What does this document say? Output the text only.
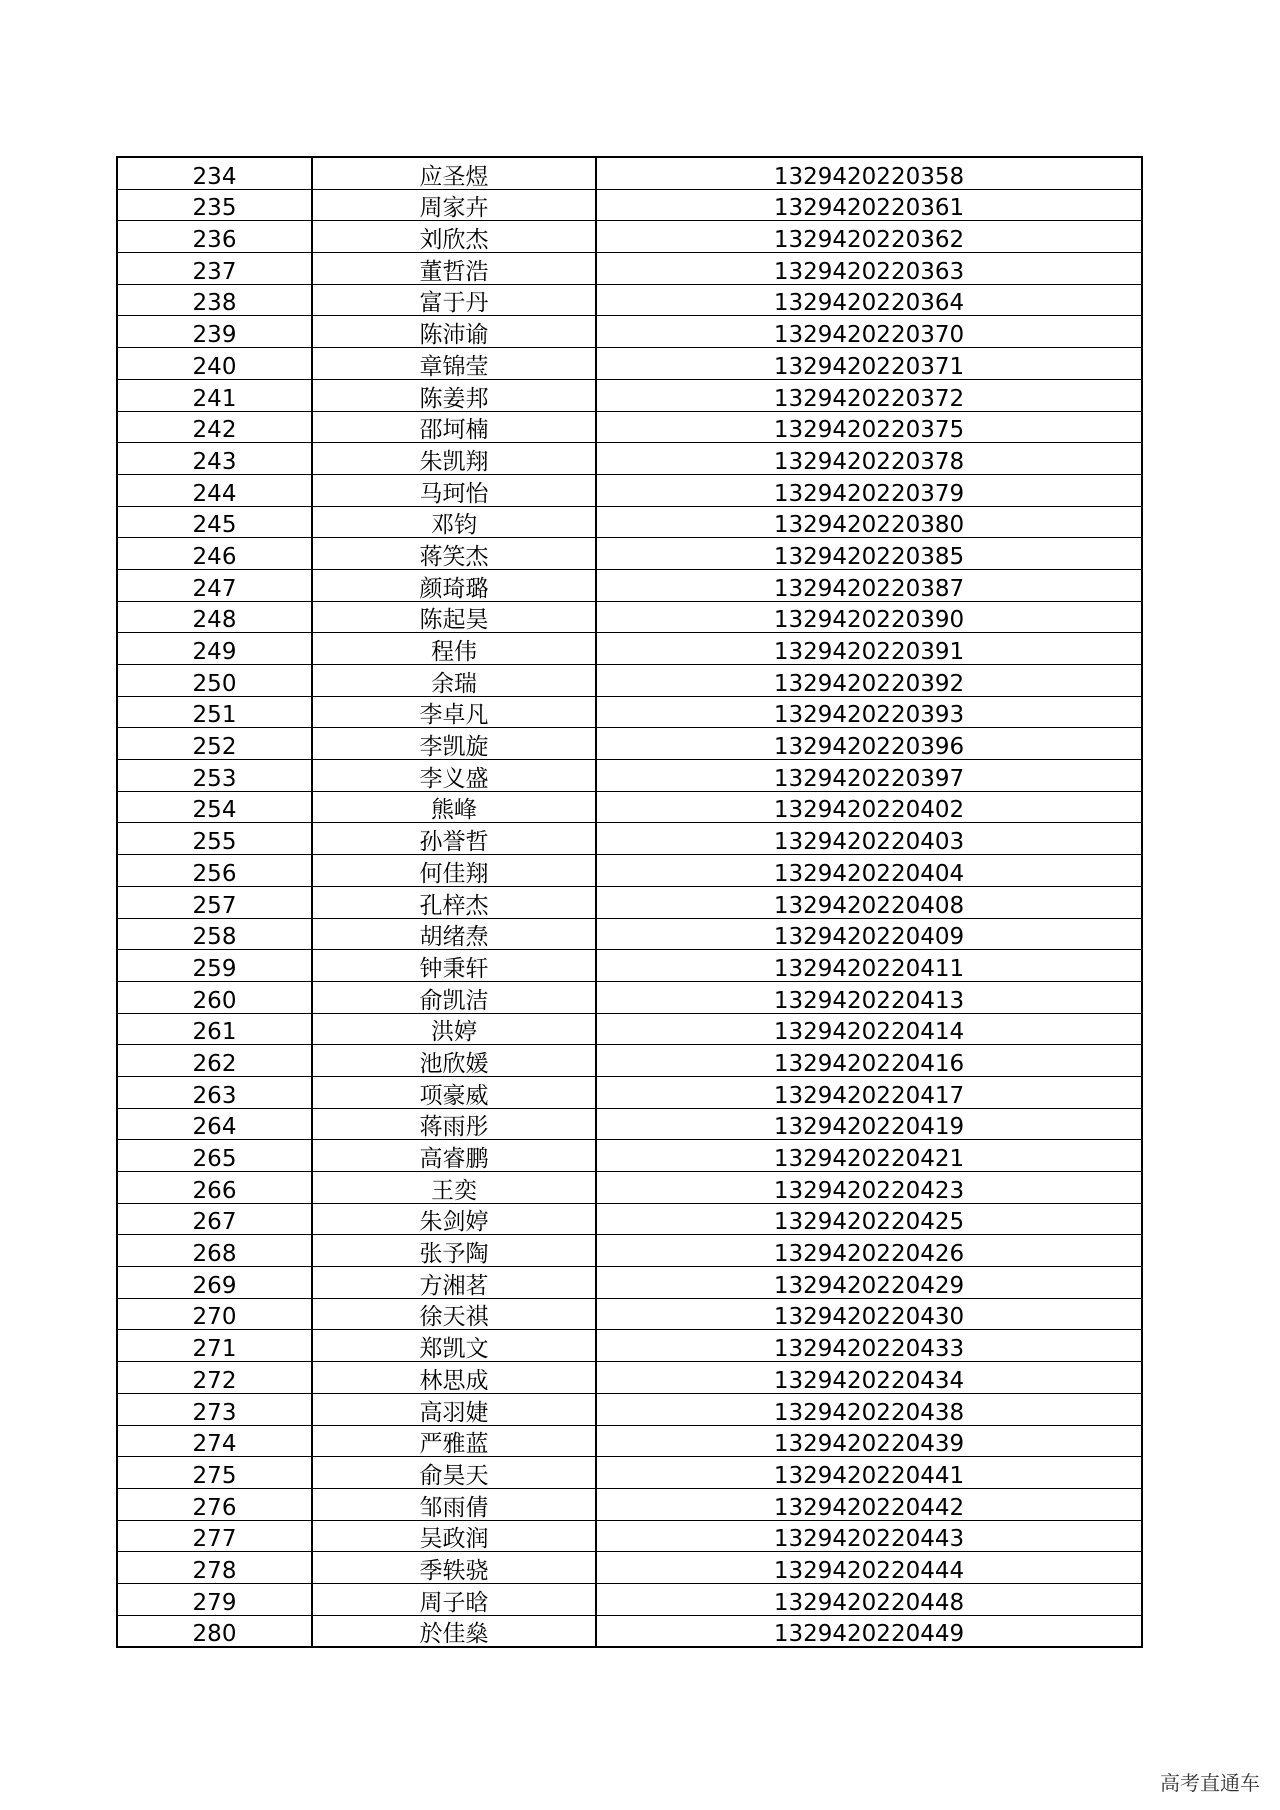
234	应圣煜	1329420220358
235	周家卉	1329420220361
236	刘欣杰	1329420220362
237	董哲浩	1329420220363
238	富于丹	1329420220364
239	陈沛谕	1329420220370
240	章锦莹	1329420220371
241	陈姜邦	1329420220372
242	邵坷楠	1329420220375
243	朱凯翔	1329420220378
244	马珂怡	1329420220379
245	邓钧	1329420220380
246	蒋笑杰	1329420220385
247	颜琦璐	1329420220387
248	陈起昊	1329420220390
249	程伟	1329420220391
250	余瑞	1329420220392
251	李卓凡	1329420220393
252	李凯旋	1329420220396
253	李义盛	1329420220397
254	熊峰	1329420220402
255	孙誉哲	1329420220403
256	何佳翔	1329420220404
257	孔梓杰	1329420220408
258	胡绪焘	1329420220409
259	钟秉轩	1329420220411
260	俞凯洁	1329420220413
261	洪婷	1329420220414
262	池欣媛	1329420220416
263	项豪威	1329420220417
264	蒋雨彤	1329420220419
265	高睿鹏	1329420220421
266	王奕	1329420220423
267	朱剑婷	1329420220425
268	张予陶	1329420220426
269	方湘茗	1329420220429
270	徐天祺	1329420220430
271	郑凯文	1329420220433
272	林思成	1329420220434
273	高羽婕	1329420220438
274	严雅蓝	1329420220439
275	俞昊天	1329420220441
276	邹雨倩	1329420220442
277	吴政润	1329420220443
278	季轶骁	1329420220444
279	周子晗	1329420220448
280	於佳燊	1329420220449
高考直通车
